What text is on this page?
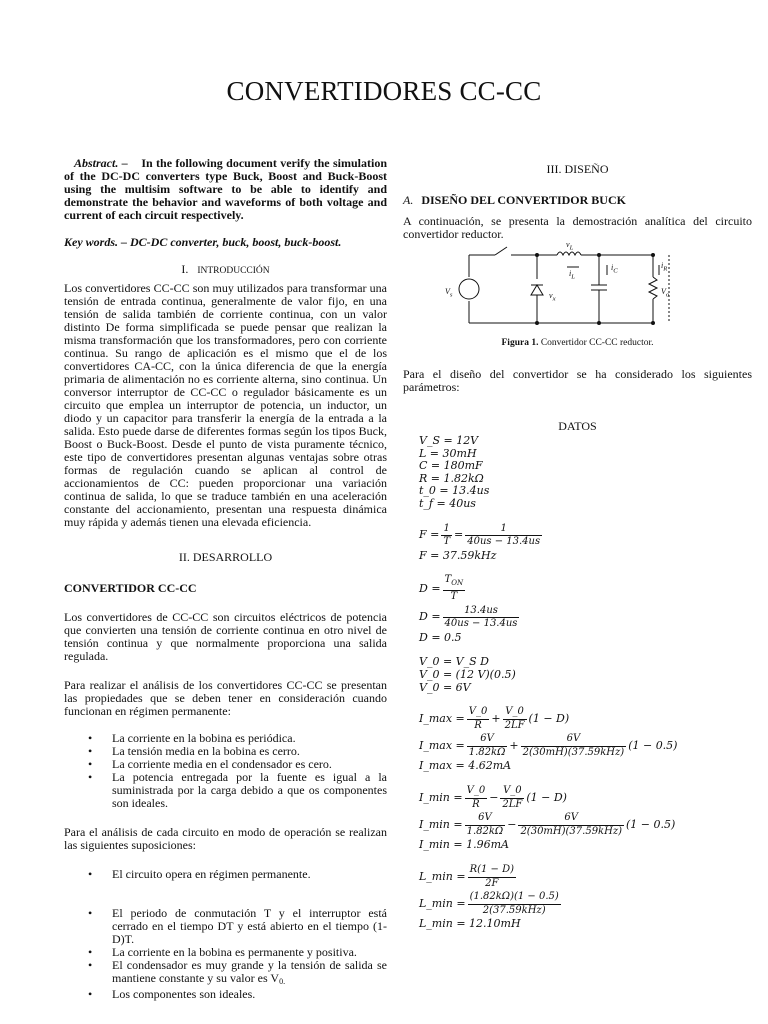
CONVERTIDORES CC-CC

Abstract. – In the following document verify the simulation of the DC-DC converters type Buck, Boost and Buck-Boost using the multisim software to be able to identify and demonstrate the behavior and waveforms of both voltage and current of each circuit respectively.

Key words. – DC-DC converter, buck, boost, buck-boost.

I. INTRODUCCIÓN

Los convertidores CC-CC son muy utilizados para transformar una tensión de entrada continua, generalmente de valor fijo, en una tensión de salida también de corriente continua, con un valor distinto De forma simplificada se puede pensar que realizan la misma transformación que los transformadores, pero con corriente continua. Su rango de aplicación es el mismo que el de los convertidores CA-CC, con la única diferencia de que la energía primaria de alimentación no es corriente alterna, sino continua. Un conversor interruptor de CC-CC o regulador básicamente es un circuito que emplea un interruptor de potencia, un inductor, un diodo y un capacitor para transferir la energía de la entrada a la salida. Esto puede darse de diferentes formas según los tipos Buck, Boost o Buck-Boost. Desde el punto de vista puramente técnico, este tipo de convertidores presentan algunas ventajas sobre otras formas de regulación cuando se aplican al control de accionamientos de CC: pueden proporcionar una variación continua de salida, lo que se traduce también en una aceleración constante del accionamiento, presentan una respuesta dinámica muy rápida y además tienen una elevada eficiencia.

II. DESARROLLO

CONVERTIDOR CC-CC

Los convertidores de CC-CC son circuitos eléctricos de potencia que convierten una tensión de corriente continua en otro nivel de tensión continua y que normalmente proporciona una salida regulada.

Para realizar el análisis de los convertidores CC-CC se presentan las propiedades que se deben tener en consideración cuando funcionan en régimen permanente:

• La corriente en la bobina es periódica.
• La tensión media en la bobina es cerro.
• La corriente media en el condensador es cero.
• La potencia entregada por la fuente es igual a la suministrada por la carga debido a que os componentes son ideales.

Para el análisis de cada circuito en modo de operación se realizan las siguientes suposiciones:

• El circuito opera en régimen permanente.
• El periodo de conmutación T y el interruptor está cerrado en el tiempo DT y está abierto en el tiempo (1-D)T.
• La corriente en la bobina es permanente y positiva.
• El condensador es muy grande y la tensión de salida se mantiene constante y su valor es V0.
• Los componentes son ideales.
III. DISEÑO

A. DISEÑO DEL CONVERTIDOR BUCK

A continuación, se presenta la demostración analítica del circuito convertidor reductor.

$V_s$	$v_x$
$v_L$
$i_L$
$i_C$
$i_R$
$V_o$

Figura 1. Convertidor CC-CC reductor.

Para el diseño del convertidor se ha considerado los siguientes parámetros:

DATOS

V_S = 12V

L = 30mH

C = 180mF

R = 1.82kΩ

t_0 = 13.4us

t_f = 40us

$F = \frac{1}{T} = \frac{1}{40us - 13.4us}$

F = 37.59kHz

$D = \frac{T_{ON}}{T}$
$D = \frac{13.4us}{40us - 13.4us}$

D = 0.5

V_0 = V_S D

V_0 = (12 V)(0.5)

V_0 = 6V

I_max = $\frac{V\_0}{R} + \frac{V\_0}{2LF} (1 - D)$
I_max = $\frac{6V}{1.82k\Omega} + \frac{6V}{\text{2(30mH)(37.59kHz)}} (1 - 0.5)$

I_max = 4.62mA

I_min = $\frac{V\_0}{R} - \frac{V\_0}{2LF} (1 - D)$
I_min = $\frac{6V}{1.82k\Omega} - \frac{6V}{\text{2(30mH)(37.59kHz)}} (1 - 0.5)$

I_min = 1.96mA

L_min = $\frac{R(1 - D)}{2F}$
L_min = $\frac{(1.82k\Omega)(1 - 0.5)}{\text{2(37.59kHz)}}$

L_min = 12.10mH
